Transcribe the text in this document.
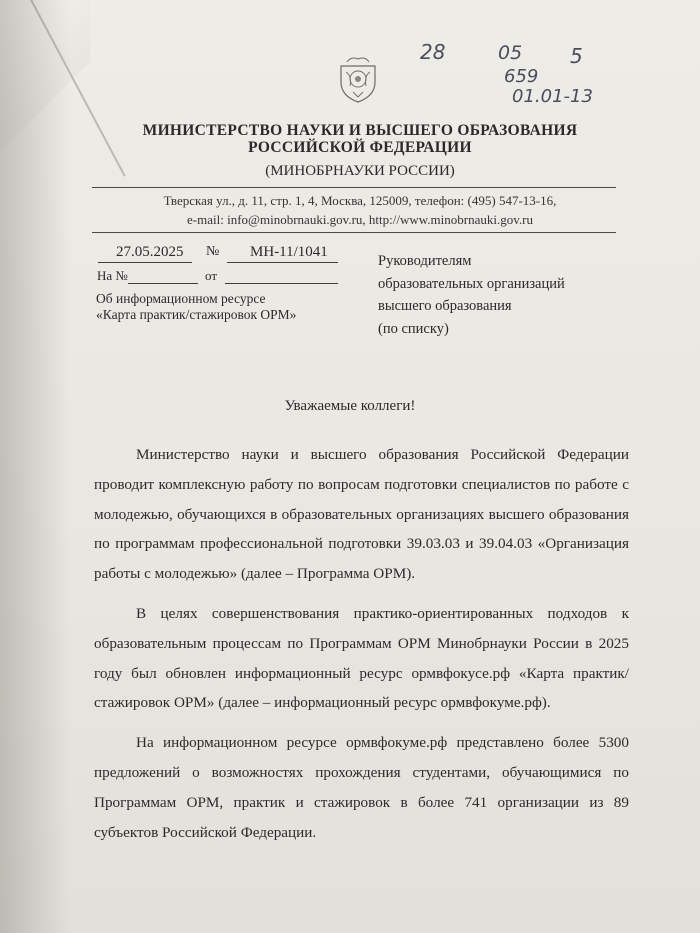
28	05 5
659
01.01-13
МИНИСТЕРСТВО НАУКИ И ВЫСШЕГО ОБРАЗОВАНИЯ
РОССИЙСКОЙ ФЕДЕРАЦИИ
(МИНОБРНАУКИ РОССИИ)
Тверская ул., д. 11, стр. 1, 4, Москва, 125009, телефон: (495) 547-13-16,
e-mail: info@minobrnauki.gov.ru, http://www.minobrnauki.gov.ru
27.05.2025 № МН-11/1041
На №	от
Об информационном ресурсе
«Карта практик/стажировок ОРМ»
Руководителям
образовательных организаций
высшего образования
(по списку)
Уважаемые коллеги!

Министерство науки и высшего образования Российской Федерации проводит комплексную работу по вопросам подготовки специалистов по работе с молодежью, обучающихся в образовательных организациях высшего образования по программам профессиональной подготовки 39.03.03 и 39.04.03 «Организация работы с молодежью» (далее – Программа ОРМ).

В целях совершенствования практико-ориентированных подходов к образовательным процессам по Программам ОРМ Минобрнауки России в 2025 году был обновлен информационный ресурс ормвфокусе.рф «Карта практик/стажировок ОРМ» (далее – информационный ресурс ормвфокуме.рф).

На информационном ресурсе ормвфокуме.рф представлено более 5300 предложений о возможностях прохождения студентами, обучающимися по Программам ОРМ, практик и стажировок в более 741 организации из 89 субъектов Российской Федерации.
